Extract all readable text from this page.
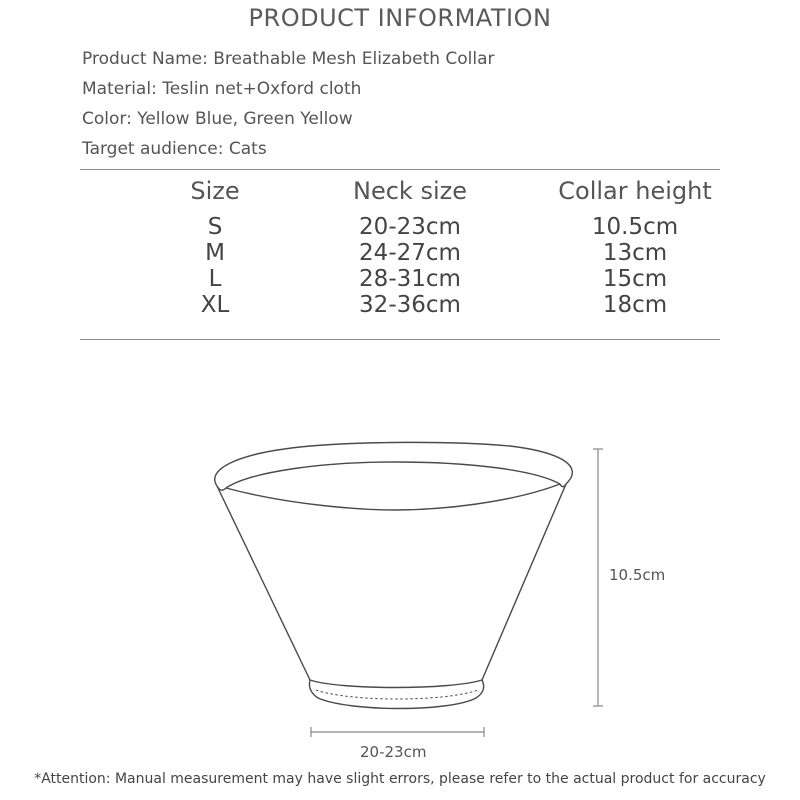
PRODUCT INFORMATION
Product Name: Breathable Mesh Elizabeth Collar
Material: Teslin net+Oxford cloth
Color: Yellow Blue, Green Yellow
Target audience: Cats
Size	Neck size	Collar height
S	20-23cm	10.5cm
M	24-27cm	13cm
L	28-31cm	15cm
XL	32-36cm	18cm
10.5cm
20-23cm
*Attention: Manual measurement may have slight errors, please refer to the actual product for accuracy
